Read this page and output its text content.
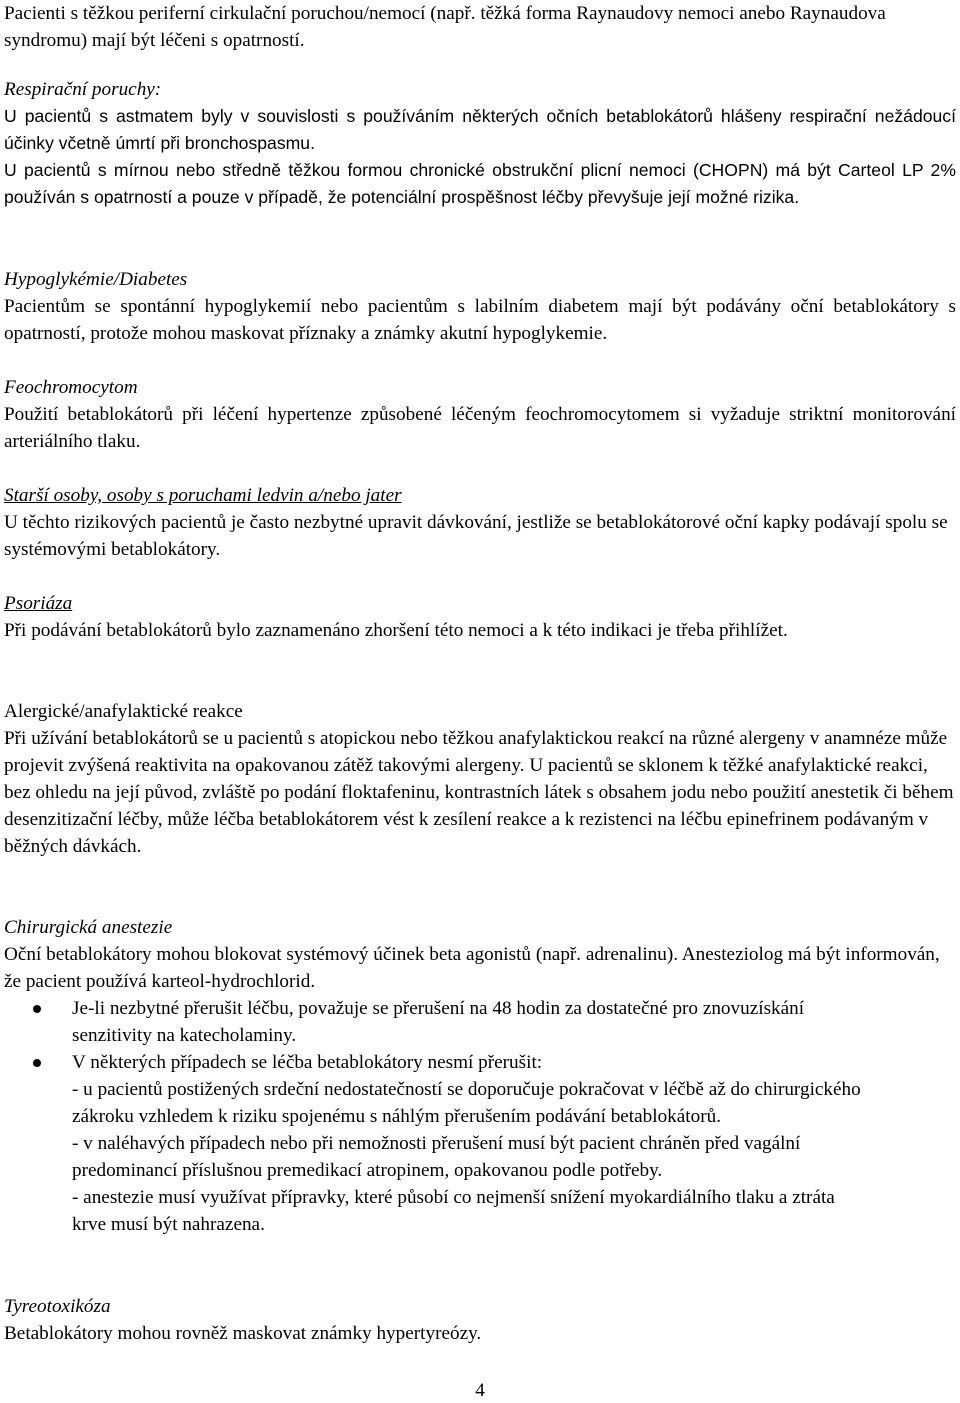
Pacienti s těžkou periferní cirkulační poruchou/nemocí (např. těžká forma Raynaudovy nemoci anebo Raynaudova syndromu) mají být léčeni s opatrností.

Respirační poruchy:

U pacientů s astmatem byly v souvislosti s používáním některých očních betablokátorů hlášeny respirační nežádoucí účinky včetně úmrtí při bronchospasmu.

U pacientů s mírnou nebo středně těžkou formou chronické obstrukční plicní nemoci (CHOPN) má být Carteol LP 2% používán s opatrností a pouze v případě, že potenciální prospěšnost léčby převyšuje její možné rizika.

Hypoglykémie/Diabetes

Pacientům se spontánní hypoglykemií nebo pacientům s labilním diabetem mají být podávány oční betablokátory s opatrností, protože mohou maskovat příznaky a známky akutní hypoglykemie.

Feochromocytom

Použití betablokátorů při léčení hypertenze způsobené léčeným feochromocytomem si vyžaduje striktní monitorování arteriálního tlaku.

Starší osoby, osoby s poruchami ledvin a/nebo jater

U těchto rizikových pacientů je často nezbytné upravit dávkování, jestliže se betablokátorové oční kapky podávají spolu se systémovými betablokátory.

Psoriáza

Při podávání betablokátorů bylo zaznamenáno zhoršení této nemoci a k této indikaci je třeba přihlížet.

Alergické/anafylaktické reakce

Při užívání betablokátorů se u pacientů s atopickou nebo těžkou anafylaktickou reakcí na různé alergeny v anamnéze může projevit zvýšená reaktivita na opakovanou zátěž takovými alergeny. U pacientů se sklonem k těžké anafylaktické reakci, bez ohledu na její původ, zvláště po podání floktafeninu, kontrastních látek s obsahem jodu nebo použití anestetik či během desenzitizační léčby, může léčba betablokátorem vést k zesílení reakce a k rezistenci na léčbu epinefrinem podávaným v běžných dávkách.

Chirurgická anestezie

Oční betablokátory mohou blokovat systémový účinek beta agonistů (např. adrenalinu). Anesteziolog má být informován, že pacient používá karteol-hydrochlorid.

Je-li nezbytné přerušit léčbu, považuje se přerušení na 48 hodin za dostatečné pro znovuzískání senzitivity na katecholaminy.
V některých případech se léčba betablokátory nesmí přerušit:
- u pacientů postižených srdeční nedostatečností se doporučuje pokračovat v léčbě až do chirurgického zákroku vzhledem k riziku spojenému s náhlým přerušením podávání betablokátorů.
- v naléhavých případech nebo při nemožnosti přerušení musí být pacient chráněn před vagální predominancí příslušnou premedikací atropinem, opakovanou podle potřeby.
- anestezie musí využívat přípravky, které působí co nejmenší snížení myokardiálního tlaku a ztráta krve musí být nahrazena.
Tyreotoxikóza

Betablokátory mohou rovněž maskovat známky hypertyreózy.

4
